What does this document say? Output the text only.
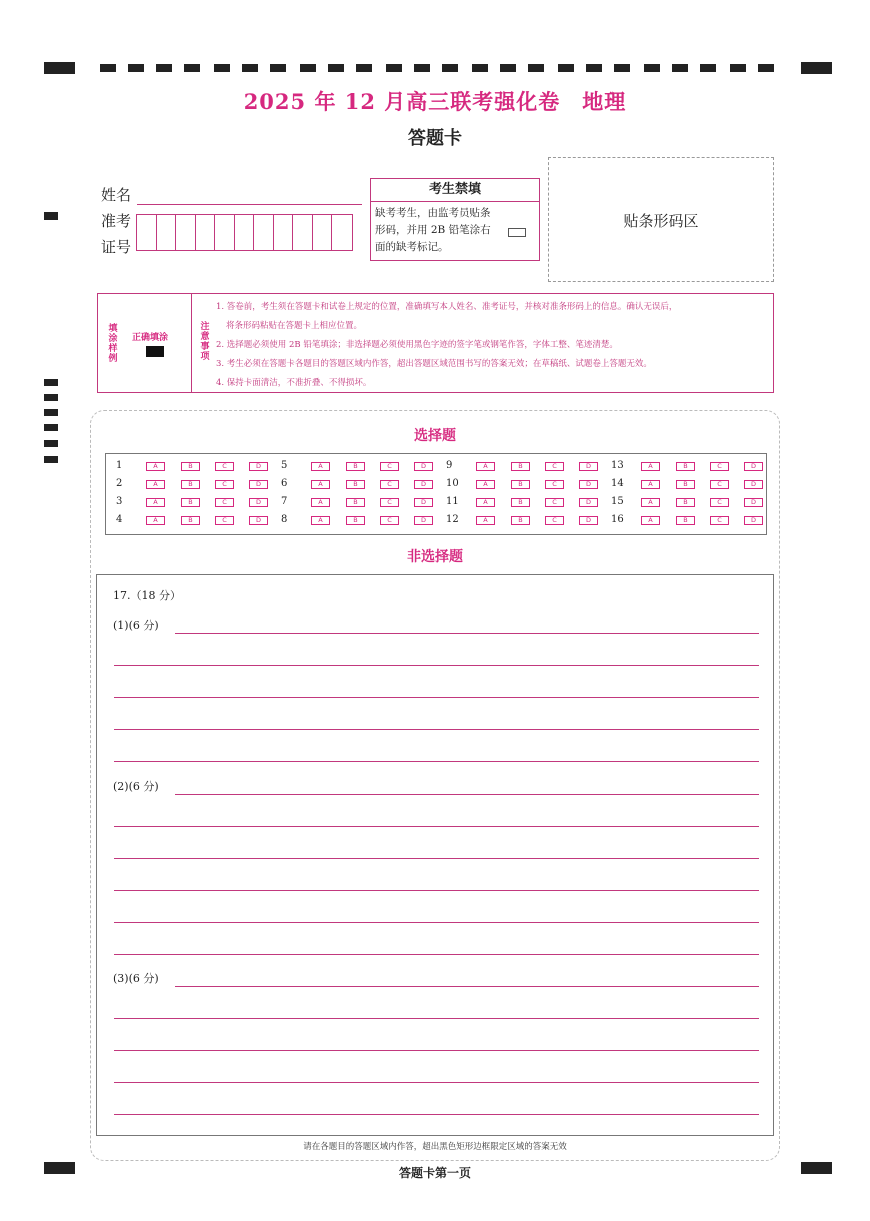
2025 年 12 月高三联考强化卷　地理
答题卡
姓名
准考
证号
考生禁填
缺考考生，由监考员贴条形码，并用 2B 铅笔涂右面的缺考标记。
贴条形码区
填
涂
样
例
正确填涂
注
意
事
项
1. 答卷前，考生须在答题卡和试卷上规定的位置，准确填写本人姓名、准考证号，并核对准条形码上的信息。确认无误后，
将条形码粘贴在答题卡上相应位置。
2. 选择题必须使用 2B 铅笔填涂；非选择题必须使用黑色字迹的签字笔或钢笔作答，字体工整、笔迹清楚。
3. 考生必须在答题卡各题目的答题区域内作答，超出答题区域范围书写的答案无效；在草稿纸、试题卷上答题无效。
4. 保持卡面清洁，不准折叠、不得损坏。
选择题
1	A	B	C	D
2	A	B	C	D
3	A	B	C	D
4	A	B	C	D
5	A	B	C	D
6	A	B	C	D
7	A	B	C	D
8	A	B	C	D
9	A	B	C	D
10	A	B	C	D
11	A	B	C	D
12	A	B	C	D
13	A	B	C	D
14	A	B	C	D
15	A	B	C	D
16	A	B	C	D
非选择题
17.（18 分）
(1)(6 分)
(2)(6 分)
(3)(6 分)
请在各题目的答题区域内作答，超出黑色矩形边框限定区域的答案无效
答题卡第一页
